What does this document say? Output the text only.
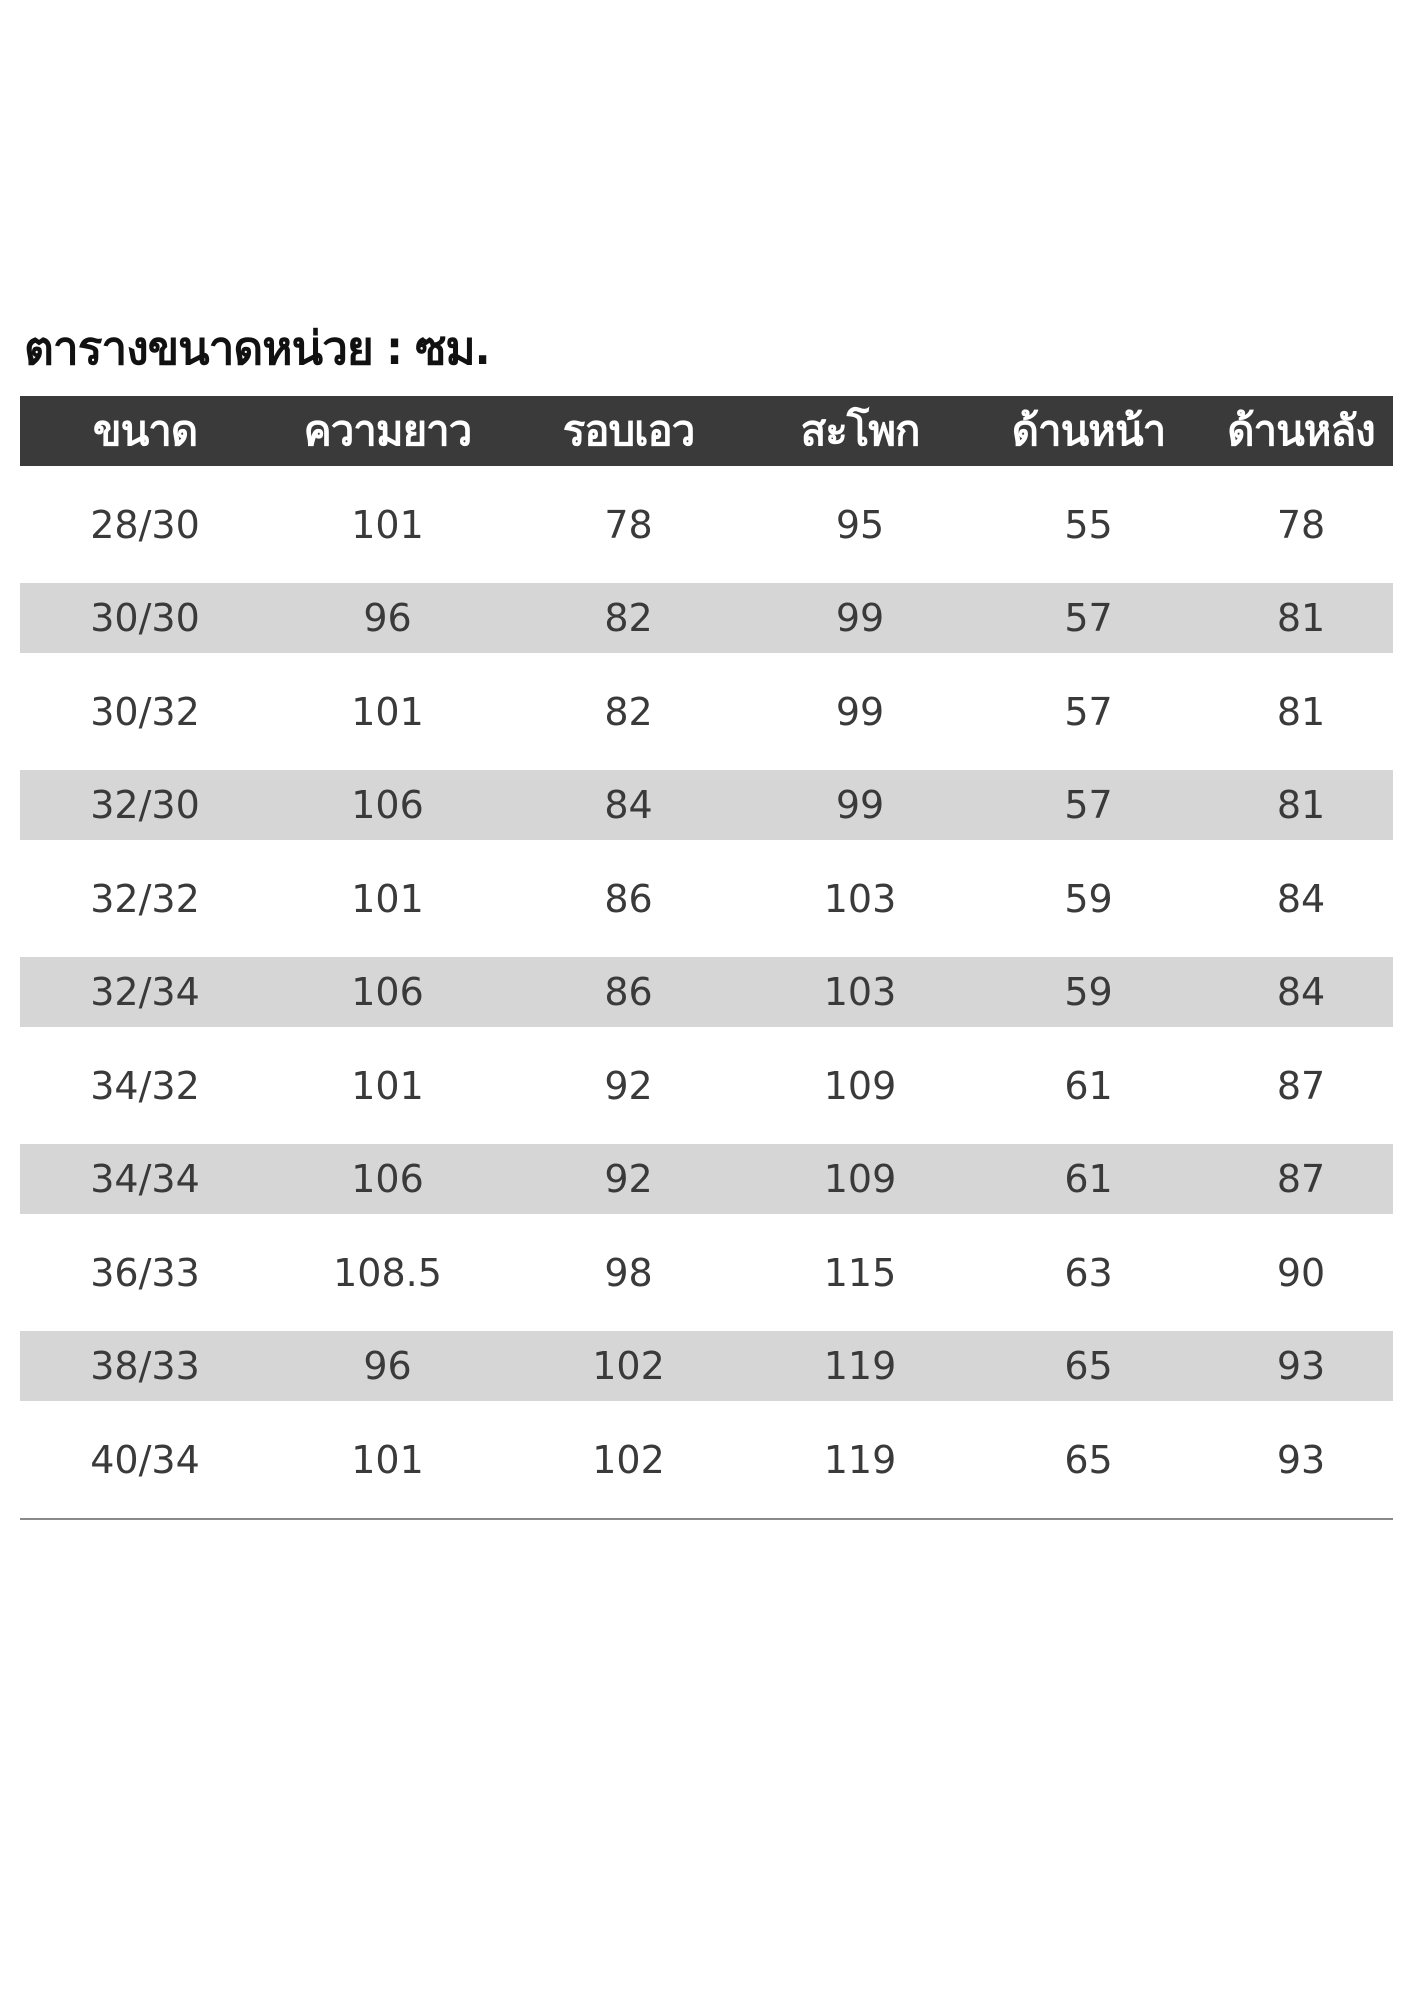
ตารางขนาดหน่วย : ซม.
ขนาด	ความยาว	รอบเอว	สะโพก	ด้านหน้า	ด้านหลัง
28/30	101	78	95	55	78
30/30	96	82	99	57	81
30/32	101	82	99	57	81
32/30	106	84	99	57	81
32/32	101	86	103	59	84
32/34	106	86	103	59	84
34/32	101	92	109	61	87
34/34	106	92	109	61	87
36/33	108.5	98	115	63	90
38/33	96	102	119	65	93
40/34	101	102	119	65	93
